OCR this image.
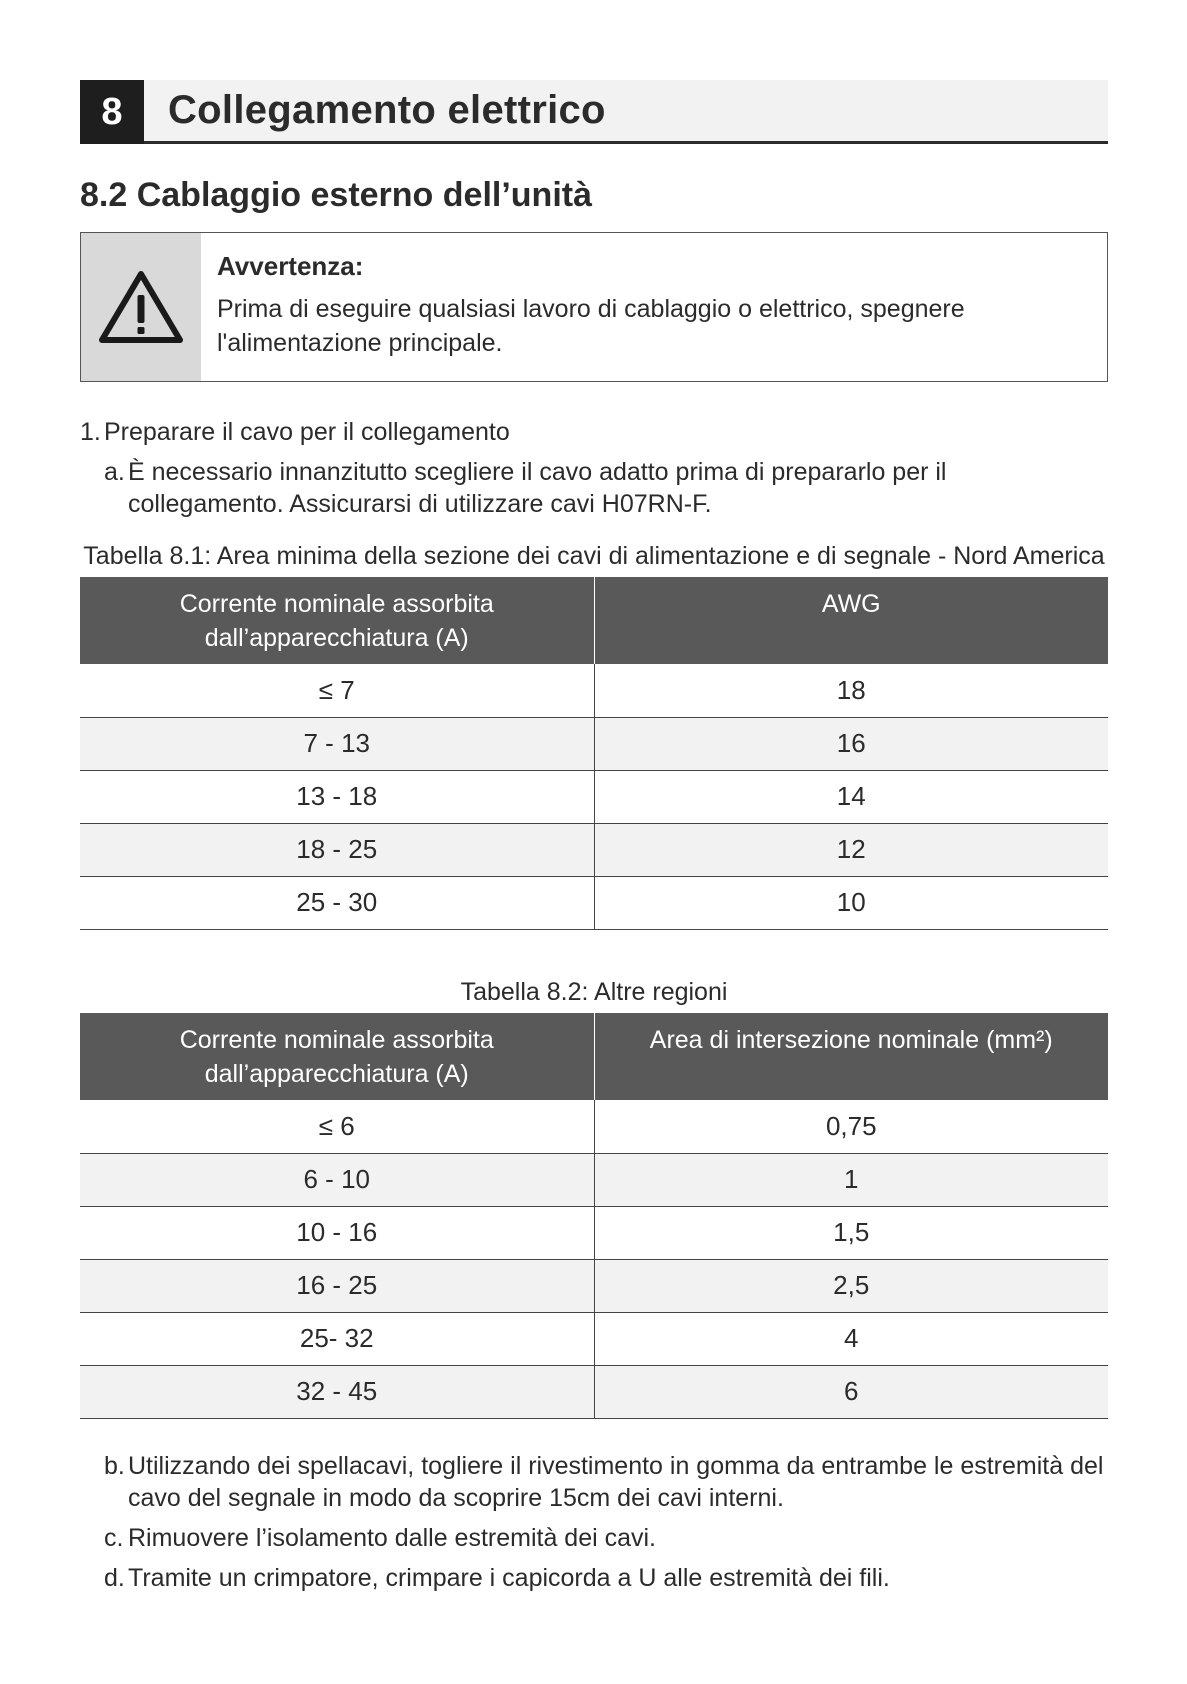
8	Collegamento elettrico
8.2 Cablaggio esterno dell’unità
Avvertenza:
Prima di eseguire qualsiasi lavoro di cablaggio o elettrico, spegnere l'alimentazione principale.
1. Preparare il cavo per il collegamento
a. È necessario innanzitutto scegliere il cavo adatto prima di prepararlo per il collegamento. Assicurarsi di utilizzare cavi H07RN-F.
Tabella 8.1: Area minima della sezione dei cavi di alimentazione e di segnale - Nord America
Corrente nominale assorbita dall’apparecchiatura (A)	AWG
≤ 7	18
7 - 13	16
13 - 18	14
18 - 25	12
25 - 30	10
Tabella 8.2: Altre regioni
Corrente nominale assorbita dall’apparecchiatura (A)	Area di intersezione nominale (mm²)
≤ 6	0,75
6 - 10	1
10 - 16	1,5
16 - 25	2,5
25- 32	4
32 - 45	6
b. Utilizzando dei spellacavi, togliere il rivestimento in gomma da entrambe le estremità del cavo del segnale in modo da scoprire 15cm dei cavi interni.
c. Rimuovere l’isolamento dalle estremità dei cavi.
d. Tramite un crimpatore, crimpare i capicorda a U alle estremità dei fili.
